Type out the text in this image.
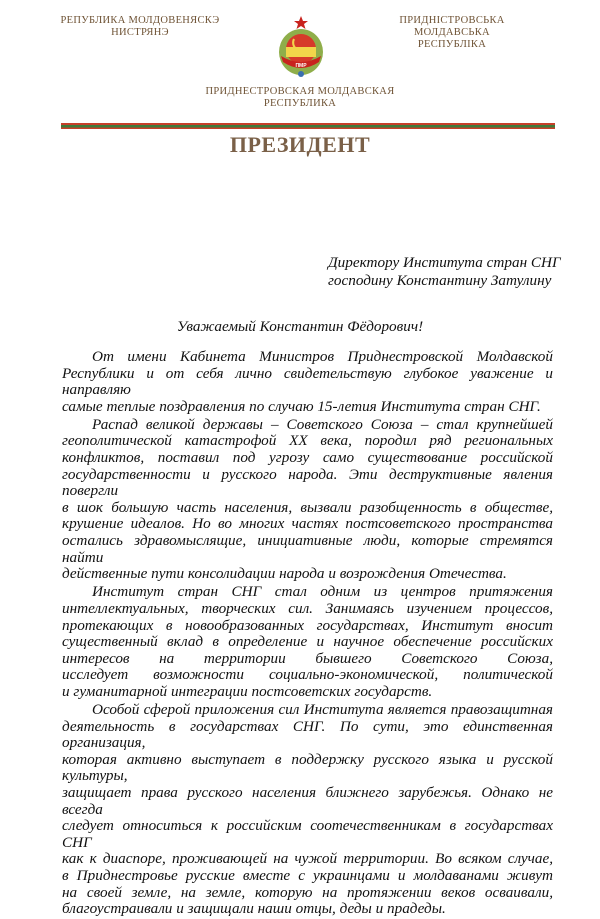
РЕПУБЛИКА МОЛДОВЕНЯСКЭ
НИСТРЯНЭ
ПМР
ПРИДНІСТРОВСЬКА МОЛДАВСЬКА
РЕСПУБЛІКА
ПРИДНЕСТРОВСКАЯ МОЛДАВСКАЯ
РЕСПУБЛИКА
ПРЕЗИДЕНТ
Директору Института стран СНГ
господину Константину Затулину
Уважаемый Константин Фёдорович!
От имени Кабинета Министров Приднестровской Молдавской
Республики и от себя лично свидетельствую глубокое уважение и направляю
самые теплые поздравления по случаю 15-летия Института стран СНГ.
Распад великой державы – Советского Союза – стал крупнейшей
геополитической катастрофой XX века, породил ряд региональных
конфликтов, поставил под угрозу само существование российской
государственности и русского народа. Эти деструктивные явления повергли
в шок большую часть населения, вызвали разобщенность в обществе,
крушение идеалов. Но во многих частях постсоветского пространства
остались здравомыслящие, инициативные люди, которые стремятся найти
действенные пути консолидации народа и возрождения Отечества.
Институт стран СНГ стал одним из центров притяжения
интеллектуальных, творческих сил. Занимаясь изучением процессов,
протекающих в новообразованных государствах, Институт вносит
существенный вклад в определение и научное обеспечение российских
интересов на территории бывшего Советского Союза,
исследует возможности социально-экономической, политической
и гуманитарной интеграции постсоветских государств.
Особой сферой приложения сил Института является правозащитная
деятельность в государствах СНГ. По сути, это единственная организация,
которая активно выступает в поддержку русского языка и русской культуры,
защищает права русского населения ближнего зарубежья. Однако не всегда
следует относиться к российским соотечественникам в государствах СНГ
как к диаспоре, проживающей на чужой территории. Во всяком случае,
в Приднестровье русские вместе с украинцами и молдаванами живут
на своей земле, на земле, которую на протяжении веков осваивали,
благоустраивали и защищали наши отцы, деды и прадеды.
